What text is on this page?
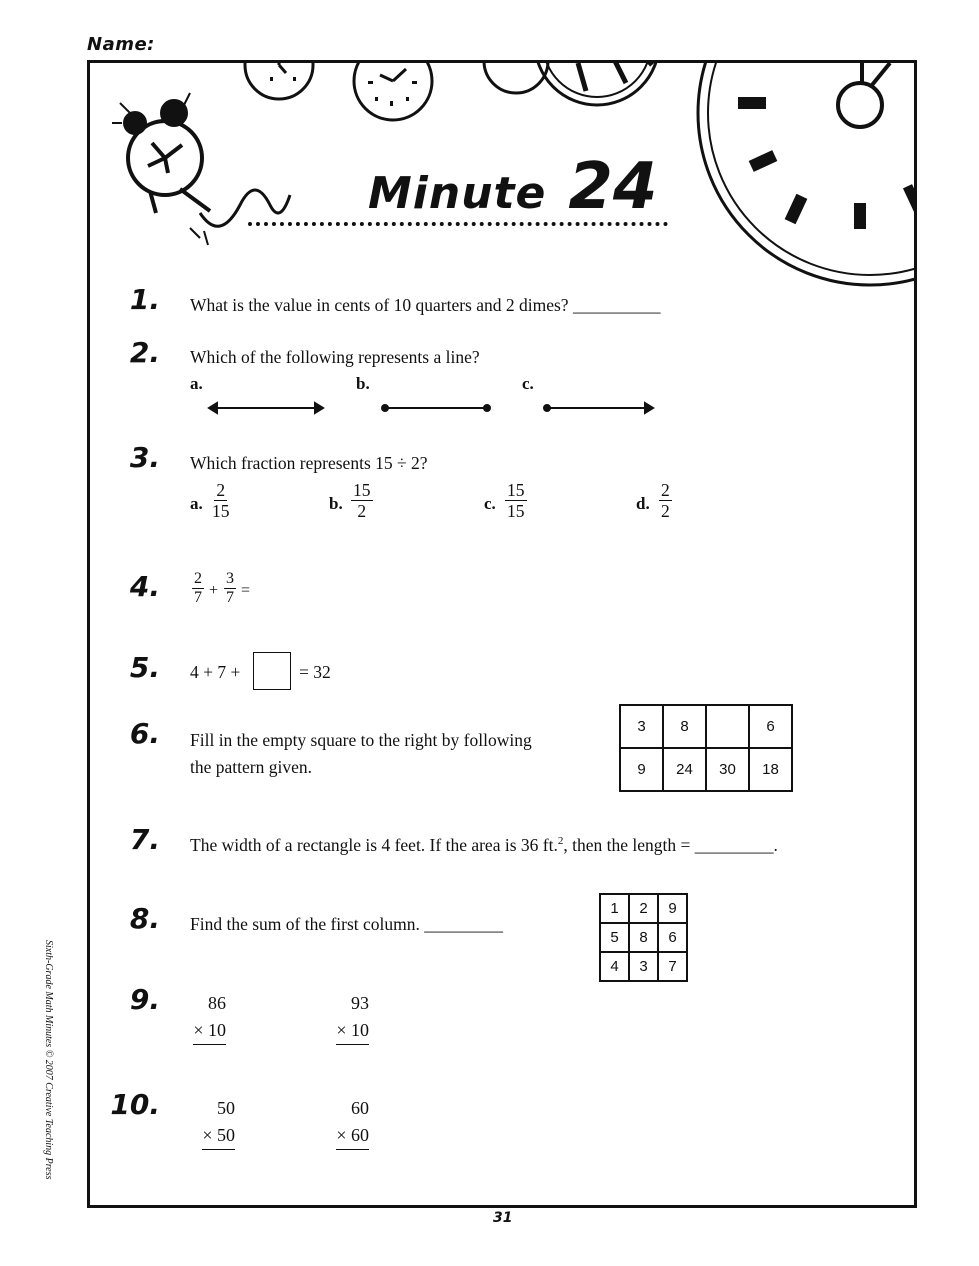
Name:
Minute 24
1. What is the value in cents of 10 quarters and 2 dimes? __________
2. Which of the following represents a line?
a.	b.	c.
3. Which fraction represents 15 ÷ 2?
a. $\frac{2}{15}$	b. $\frac{15}{2}$	c. $\frac{15}{15}$	d. $\frac{2}{2}$
4. $\frac{2}{7} + \frac{3}{7}$ =
5. 4 + 7 +	= 32
6. Fill in the empty square to the right by following
the pattern given.
3	8		6
9	24	30	18
7. The width of a rectangle is 4 feet. If the area is 36 ft.$^2$, then the length = _________.
8. Find the sum of the first column. _________
1	2	9
5	8	6
4	3	7
9.	86
× 10
93
× 10
10.	50
× 50
60
× 60
Sixth-Grade Math Minutes © 2007 Creative Teaching Press
31
